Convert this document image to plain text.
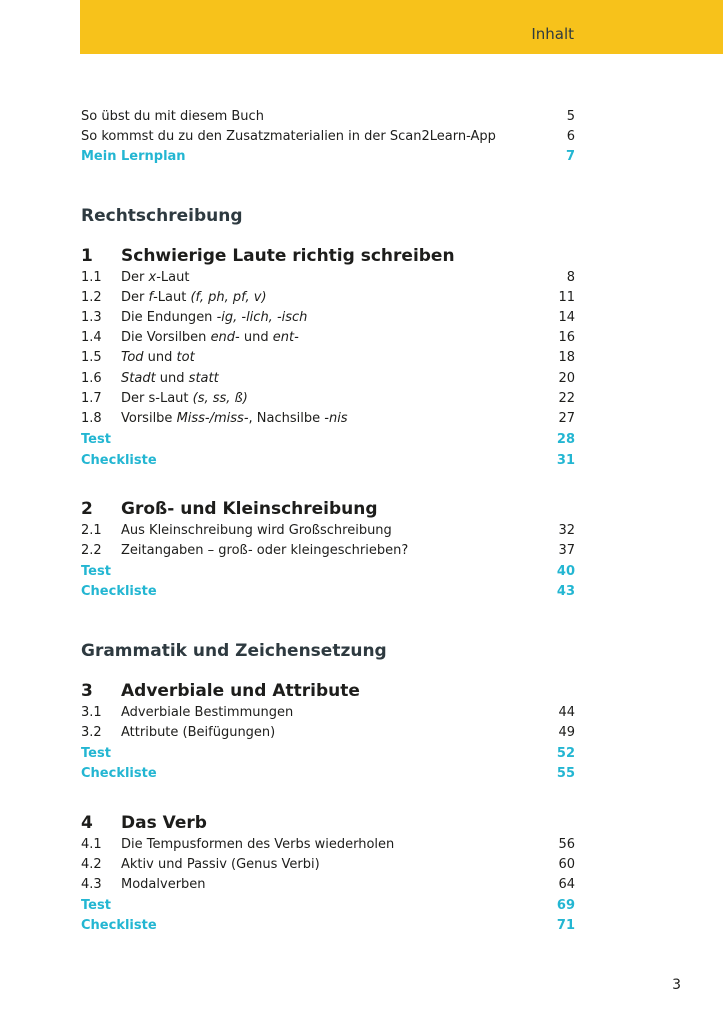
Inhalt
So übst du mit diesem Buch	5
So kommst du zu den Zusatzmaterialien in der Scan2Learn-App	6
Mein Lernplan	7
Rechtschreibung
1 Schwierige Laute richtig schreiben
1.1 Der x-Laut	8
1.2 Der f-Laut (f, ph, pf, v)	11
1.3 Die Endungen -ig, -lich, -isch	14
1.4 Die Vorsilben end- und ent-	16
1.5 Tod und tot	18
1.6 Stadt und statt	20
1.7 Der s-Laut (s, ss, ß)	22
1.8 Vorsilbe Miss-/miss-, Nachsilbe -nis	27
Test	28
Checkliste	31
2 Groß- und Kleinschreibung
2.1 Aus Kleinschreibung wird Großschreibung	32
2.2 Zeitangaben – groß- oder kleingeschrieben?	37
Test	40
Checkliste	43
Grammatik und Zeichensetzung
3 Adverbiale und Attribute
3.1 Adverbiale Bestimmungen	44
3.2 Attribute (Beifügungen)	49
Test	52
Checkliste	55
4 Das Verb
4.1 Die Tempusformen des Verbs wiederholen	56
4.2 Aktiv und Passiv (Genus Verbi)	60
4.3 Modalverben	64
Test	69
Checkliste	71
3
